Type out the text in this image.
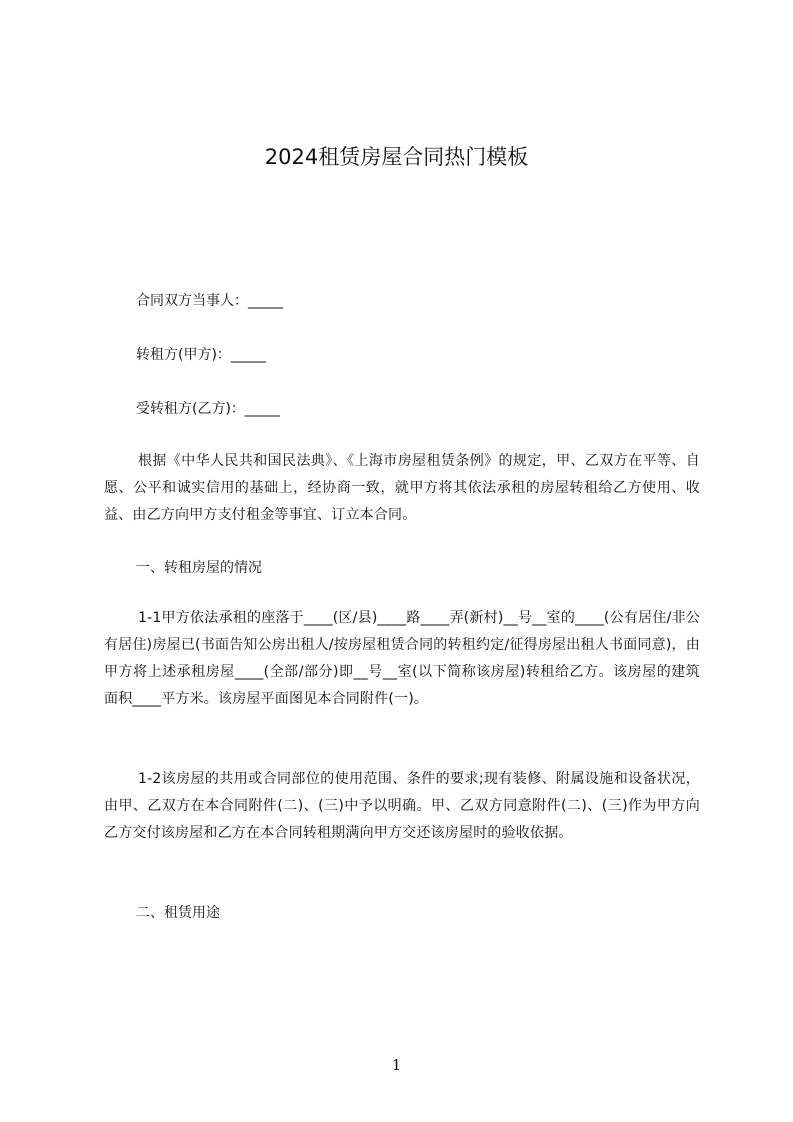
2024租赁房屋合同热门模板
合同双方当事人：_____
转租方(甲方)：_____
受转租方(乙方)：_____
根据《中华人民共和国民法典》、《上海市房屋租赁条例》的规定，甲、乙双方在平等、自愿、公平和诚实信用的基础上，经协商一致，就甲方将其依法承租的房屋转租给乙方使用、收益、由乙方向甲方支付租金等事宜、订立本合同。
一、转租房屋的情况
1-1甲方依法承租的座落于____(区/县)____路____弄(新村)__号__室的____(公有居住/非公有居住)房屋已(书面告知公房出租人/按房屋租赁合同的转租约定/征得房屋出租人书面同意)，由甲方将上述承租房屋____(全部/部分)即__号__室(以下简称该房屋)转租给乙方。该房屋的建筑面积____平方米。该房屋平面图见本合同附件(一)。
1-2该房屋的共用或合同部位的使用范围、条件的要求;现有装修、附属设施和设备状况，由甲、乙双方在本合同附件(二)、(三)中予以明确。甲、乙双方同意附件(二)、(三)作为甲方向乙方交付该房屋和乙方在本合同转租期满向甲方交还该房屋时的验收依据。
二、租赁用途
1
